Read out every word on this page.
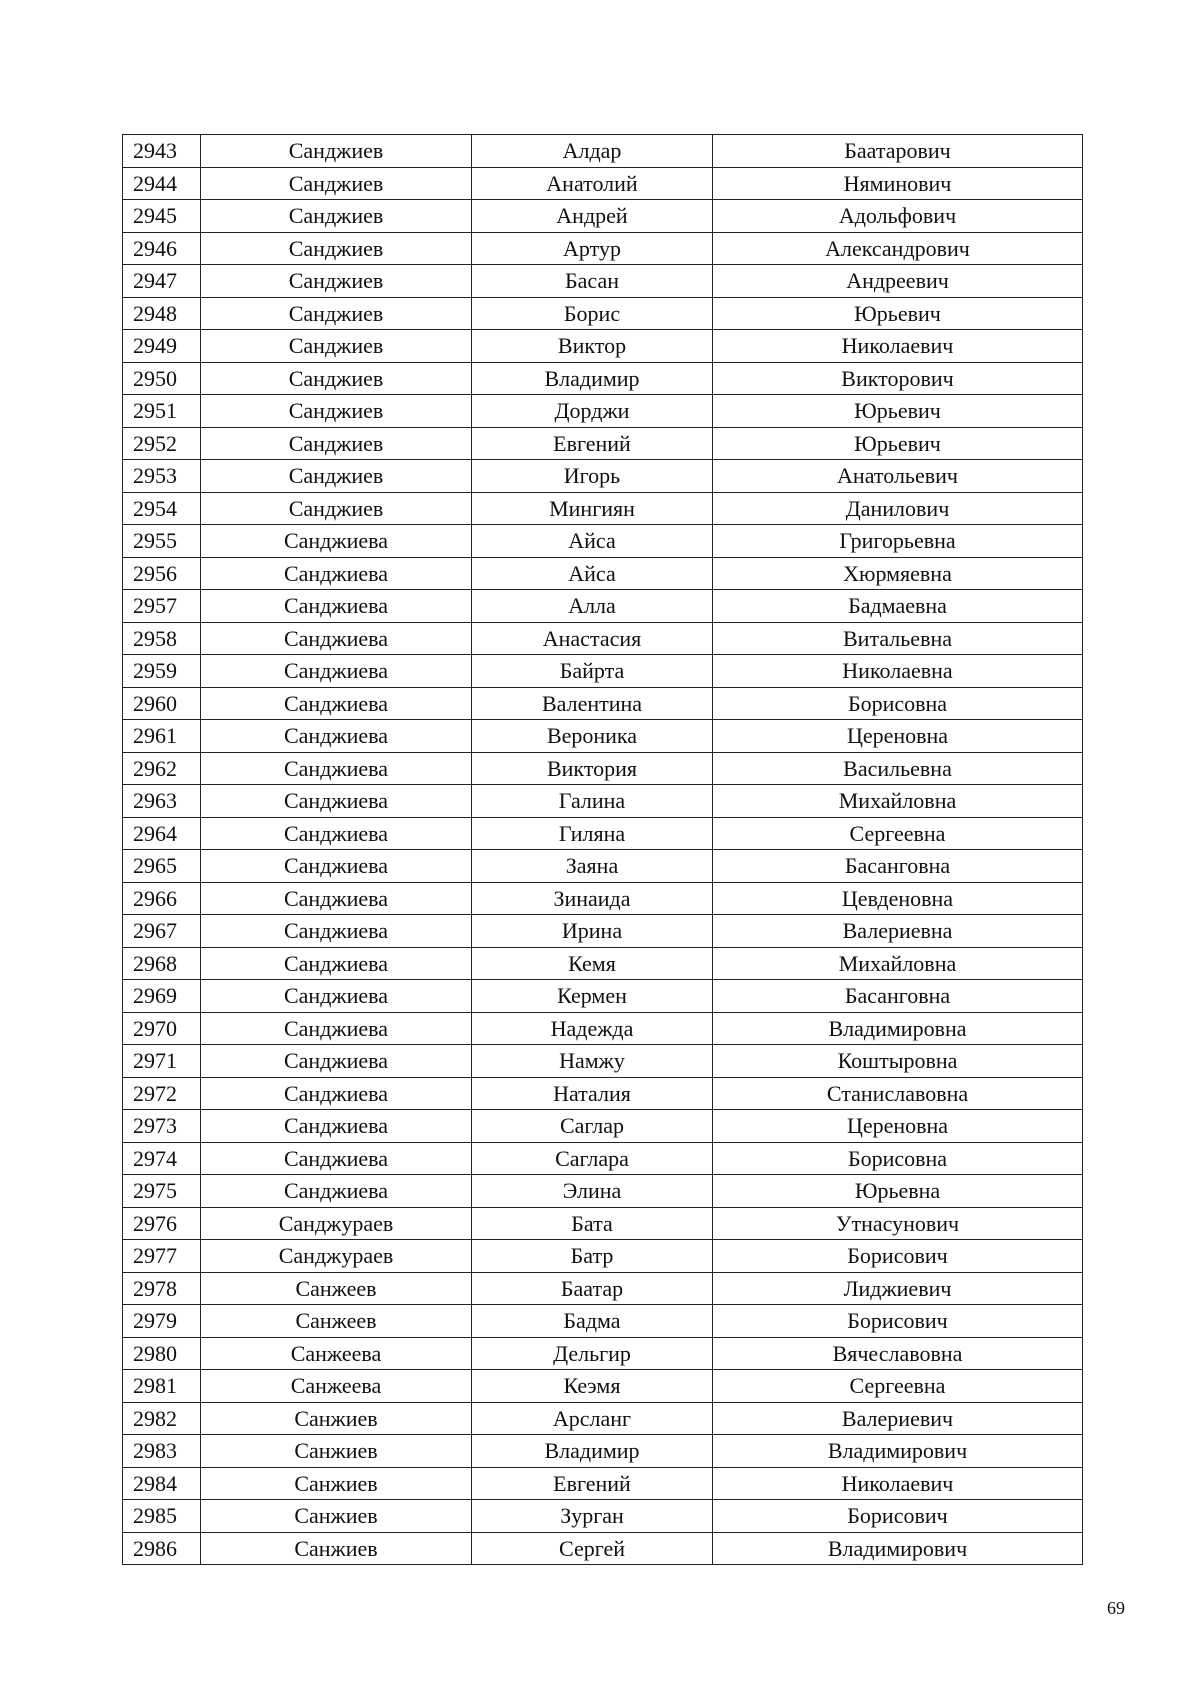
2943	Санджиев	Алдар	Баатарович
2944	Санджиев	Анатолий	Няминович
2945	Санджиев	Андрей	Адольфович
2946	Санджиев	Артур	Александрович
2947	Санджиев	Басан	Андреевич
2948	Санджиев	Борис	Юрьевич
2949	Санджиев	Виктор	Николаевич
2950	Санджиев	Владимир	Викторович
2951	Санджиев	Дорджи	Юрьевич
2952	Санджиев	Евгений	Юрьевич
2953	Санджиев	Игорь	Анатольевич
2954	Санджиев	Мингиян	Данилович
2955	Санджиева	Айса	Григорьевна
2956	Санджиева	Айса	Хюрмяевна
2957	Санджиева	Алла	Бадмаевна
2958	Санджиева	Анастасия	Витальевна
2959	Санджиева	Байрта	Николаевна
2960	Санджиева	Валентина	Борисовна
2961	Санджиева	Вероника	Цереновна
2962	Санджиева	Виктория	Васильевна
2963	Санджиева	Галина	Михайловна
2964	Санджиева	Гиляна	Сергеевна
2965	Санджиева	Заяна	Басанговна
2966	Санджиева	Зинаида	Цевденовна
2967	Санджиева	Ирина	Валериевна
2968	Санджиева	Кемя	Михайловна
2969	Санджиева	Кермен	Басанговна
2970	Санджиева	Надежда	Владимировна
2971	Санджиева	Намжу	Коштыровна
2972	Санджиева	Наталия	Станиславовна
2973	Санджиева	Саглар	Цереновна
2974	Санджиева	Саглара	Борисовна
2975	Санджиева	Элина	Юрьевна
2976	Санджураев	Бата	Утнасунович
2977	Санджураев	Батр	Борисович
2978	Санжеев	Баатар	Лиджиевич
2979	Санжеев	Бадма	Борисович
2980	Санжеева	Дельгир	Вячеславовна
2981	Санжеева	Кеэмя	Сергеевна
2982	Санжиев	Арсланг	Валериевич
2983	Санжиев	Владимир	Владимирович
2984	Санжиев	Евгений	Николаевич
2985	Санжиев	Зурган	Борисович
2986	Санжиев	Сергей	Владимирович
69
